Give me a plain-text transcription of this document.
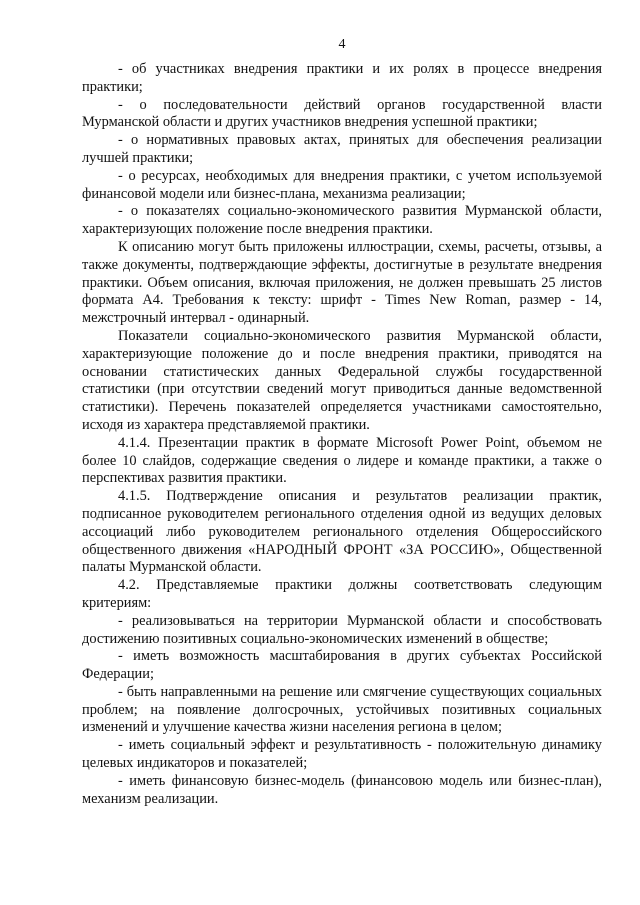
4

- об участниках внедрения практики и их ролях в процессе внедрения практики;

- о последовательности действий органов государственной власти Мурманской области и других участников внедрения успешной практики;

- о нормативных правовых актах, принятых для обеспечения реализации лучшей практики;

- о ресурсах, необходимых для внедрения практики, с учетом используемой финансовой модели или бизнес-плана, механизма реализации;

- о показателях социально-экономического развития Мурманской области, характеризующих положение после внедрения практики.

К описанию могут быть приложены иллюстрации, схемы, расчеты, отзывы, а также документы, подтверждающие эффекты, достигнутые в результате внедрения практики. Объем описания, включая приложения, не должен превышать 25 листов формата А4. Требования к тексту: шрифт - Times New Roman, размер - 14, межстрочный интервал - одинарный.

Показатели социально-экономического развития Мурманской области, характеризующие положение до и после внедрения практики, приводятся на основании статистических данных Федеральной службы государственной статистики (при отсутствии сведений могут приводиться данные ведомственной статистики). Перечень показателей определяется участниками самостоятельно, исходя из характера представляемой практики.

4.1.4. Презентации практик в формате Microsoft Power Point, объемом не более 10 слайдов, содержащие сведения о лидере и команде практики, а также о перспективах развития практики.

4.1.5. Подтверждение описания и результатов реализации практик, подписанное руководителем регионального отделения одной из ведущих деловых ассоциаций либо руководителем регионального отделения Общероссийского общественного движения «НАРОДНЫЙ ФРОНТ «ЗА РОССИЮ», Общественной палаты Мурманской области.

4.2. Представляемые практики должны соответствовать следующим критериям:

- реализовываться на территории Мурманской области и способствовать достижению позитивных социально-экономических изменений в обществе;

- иметь возможность масштабирования в других субъектах Российской Федерации;

- быть направленными на решение или смягчение существующих социальных проблем; на появление долгосрочных, устойчивых позитивных социальных изменений и улучшение качества жизни населения региона в целом;

- иметь социальный эффект и результативность - положительную динамику целевых индикаторов и показателей;

- иметь финансовую бизнес-модель (финансовою модель или бизнес-план), механизм реализации.
